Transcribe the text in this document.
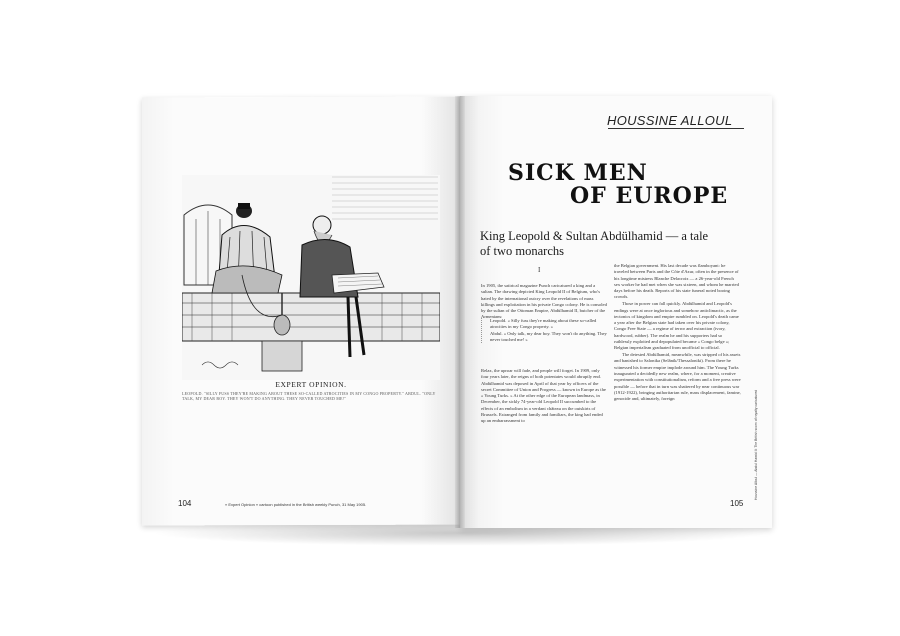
EXPERT OPINION.
LEOPOLD. "SILLY FUSS THEY'RE MAKING ABOUT THESE SO-CALLED ATROCITIES IN MY CONGO PROPERTY." ABDUL. "ONLY TALK, MY DEAR BOY. THEY WON'T DO ANYTHING. THEY NEVER TOUCHED ME!"
104	« Expert Opinion » cartoon published in the British weekly Punch, 31 May 1905.
HOUSSINE ALLOUL
SICK MEN
OF EUROPE
King Leopold & Sultan Abdülhamid — a tale of two monarchs
I
In 1905, the satirical magazine Punch caricatured a king and a sultan. The drawing depicted King Leopold II of Belgium, who's hated by the international outcry over the revelations of mass killings and exploitation in his private Congo colony. He is consoled by the sultan of the Ottoman Empire, Abdülhamid II, butcher of the Armenians:

Leopold. « Silly fuss they're making about these so-called atrocities in my Congo property. »

Abdul. « Only talk, my dear boy. They won't do anything. They never touched me! »

Relax, the uproar will fade, and people will forget. In 1909, only four years later, the reigns of both potentates would abruptly end. Abdülhamid was deposed in April of that year by officers of the secret Committee of Union and Progress — known in Europe as the « Young Turks. » At the other edge of the European landmass, in December, the sickly 74-year-old Leopold II succumbed to the effects of an embolism in a verdant château on the outskirts of Brussels. Estranged from family and familiars, the king had ended up an embarrassment to

the Belgian government. His last decade was flamboyant: he traveled between Paris and the Côte d'Azur, often in the presence of his longtime mistress Blanche Delacroix — a 26-year-old French sex worker he had met when she was sixteen, and whom he married days before his death. Reports of his state funeral noted booing crowds.

Those in power can fall quickly. Abdülhamid and Leopold's endings were at once inglorious and somehow anticlimactic, as the tectonics of kingdom and empire rumbled on. Leopold's death came a year after the Belgian state had taken over his private colony, Congo Free State — a regime of terror and extraction (ivory, hardwood, rubber). The realm he and his supporters had so ruthlessly exploited and depopulated became « Congo belge »; Belgian imperialism graduated from unofficial to official.

The detested Abdülhamid, meanwhile, was stripped of his assets and banished to Salonika (Selânik/Thessaloniki). From there he witnessed his former empire implode around him. The Young Turks inaugurated a decidedly new realm, where, for a moment, creative experimentation with constitutionalism, reform and a free press were possible — before that in turn was shattered by near continuous war (1912-1922), bringing authoritarian rule, mass displacement, famine, genocide and, ultimately, foreign	Houssine Alloul — Abdul Hamid II: The British scorn of royalty caricatured
105
